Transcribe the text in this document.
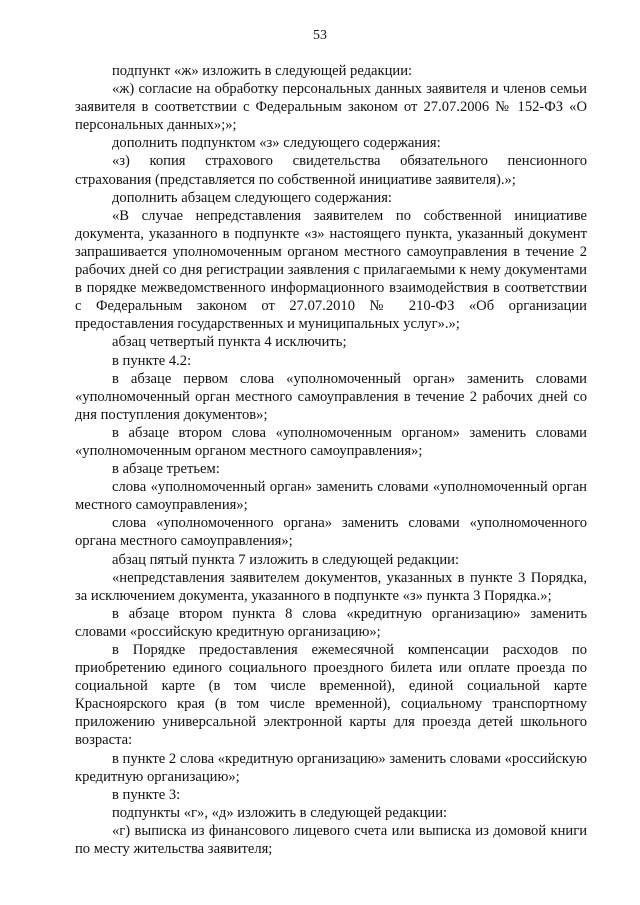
53

подпункт «ж» изложить в следующей редакции:

«ж) согласие на обработку персональных данных заявителя и членов семьи заявителя в соответствии с Федеральным законом от 27.07.2006 № 152-ФЗ «О персональных данных»;»;

дополнить подпунктом «з» следующего содержания:

«з) копия страхового свидетельства обязательного пенсионного страхования (представляется по собственной инициативе заявителя).»;

дополнить абзацем следующего содержания:

«В случае непредставления заявителем по собственной инициативе документа, указанного в подпункте «з» настоящего пункта, указанный документ запрашивается уполномоченным органом местного самоуправления в течение 2 рабочих дней со дня регистрации заявления с прилагаемыми к нему документами в порядке межведомственного информационного взаимодействия в соответствии с Федеральным законом от 27.07.2010 № 210-ФЗ «Об организации предоставления государственных и муниципальных услуг».»;

абзац четвертый пункта 4 исключить;

в пункте 4.2:

в абзаце первом слова «уполномоченный орган» заменить словами «уполномоченный орган местного самоуправления в течение 2 рабочих дней со дня поступления документов»;

в абзаце втором слова «уполномоченным органом» заменить словами «уполномоченным органом местного самоуправления»;

в абзаце третьем:

слова «уполномоченный орган» заменить словами «уполномоченный орган местного самоуправления»;

слова «уполномоченного органа» заменить словами «уполномоченного органа местного самоуправления»;

абзац пятый пункта 7 изложить в следующей редакции:

«непредставления заявителем документов, указанных в пункте 3 Порядка, за исключением документа, указанного в подпункте «з» пункта 3 Порядка.»;

в абзаце втором пункта 8 слова «кредитную организацию» заменить словами «российскую кредитную организацию»;

в Порядке предоставления ежемесячной компенсации расходов по приобретению единого социального проездного билета или оплате проезда по социальной карте (в том числе временной), единой социальной карте Красноярского края (в том числе временной), социальному транспортному приложению универсальной электронной карты для проезда детей школьного возраста:

в пункте 2 слова «кредитную организацию» заменить словами «российскую кредитную организацию»;

в пункте 3:

подпункты «г», «д» изложить в следующей редакции:

«г) выписка из финансового лицевого счета или выписка из домовой книги по месту жительства заявителя;
